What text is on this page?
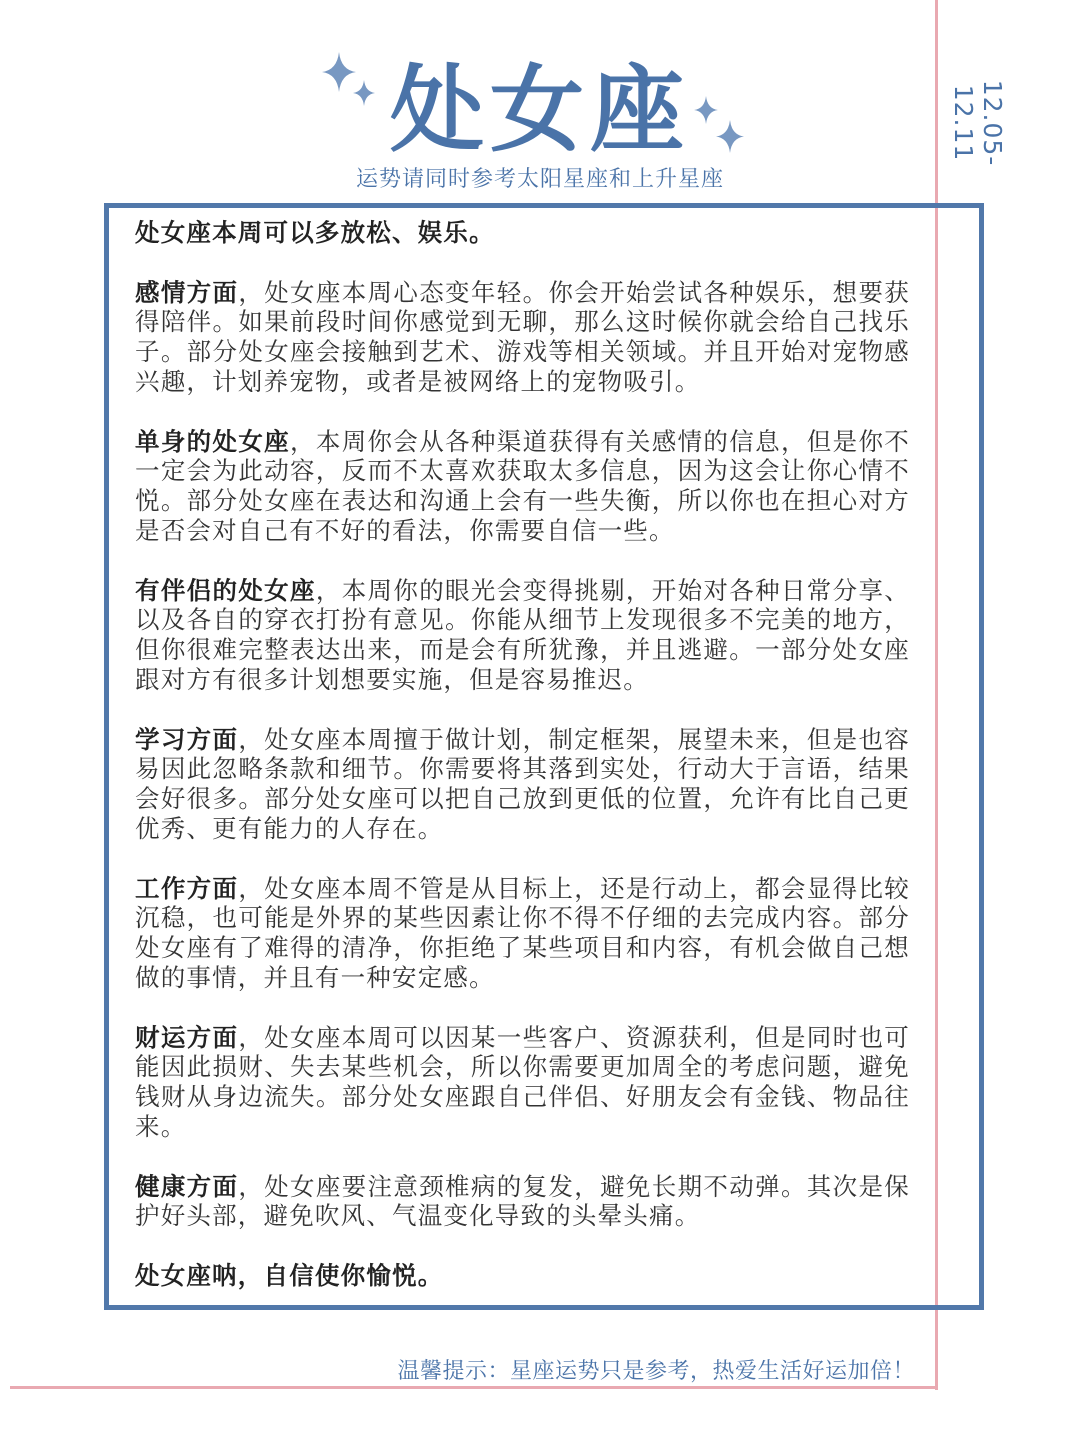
处女座
运势请同时参考太阳星座和上升星座
12.05-12.11

处女座本周可以多放松、娱乐。

感情方面，处女座本周心态变年轻。你会开始尝试各种娱乐，想要获得陪伴。如果前段时间你感觉到无聊，那么这时候你就会给自己找乐子。部分处女座会接触到艺术、游戏等相关领域。并且开始对宠物感兴趣，计划养宠物，或者是被网络上的宠物吸引。

单身的处女座，本周你会从各种渠道获得有关感情的信息，但是你不一定会为此动容，反而不太喜欢获取太多信息，因为这会让你心情不悦。部分处女座在表达和沟通上会有一些失衡，所以你也在担心对方是否会对自己有不好的看法，你需要自信一些。

有伴侣的处女座，本周你的眼光会变得挑剔，开始对各种日常分享、以及各自的穿衣打扮有意见。你能从细节上发现很多不完美的地方，但你很难完整表达出来，而是会有所犹豫，并且逃避。一部分处女座跟对方有很多计划想要实施，但是容易推迟。

学习方面，处女座本周擅于做计划，制定框架，展望未来，但是也容易因此忽略条款和细节。你需要将其落到实处，行动大于言语，结果会好很多。部分处女座可以把自己放到更低的位置，允许有比自己更优秀、更有能力的人存在。

工作方面，处女座本周不管是从目标上，还是行动上，都会显得比较沉稳，也可能是外界的某些因素让你不得不仔细的去完成内容。部分处女座有了难得的清净，你拒绝了某些项目和内容，有机会做自己想做的事情，并且有一种安定感。

财运方面，处女座本周可以因某一些客户、资源获利，但是同时也可能因此损财、失去某些机会，所以你需要更加周全的考虑问题，避免钱财从身边流失。部分处女座跟自己伴侣、好朋友会有金钱、物品往来。

健康方面，处女座要注意颈椎病的复发，避免长期不动弹。其次是保护好头部，避免吹风、气温变化导致的头晕头痛。

处女座呐，自信使你愉悦。

温馨提示：星座运势只是参考，热爱生活好运加倍！
